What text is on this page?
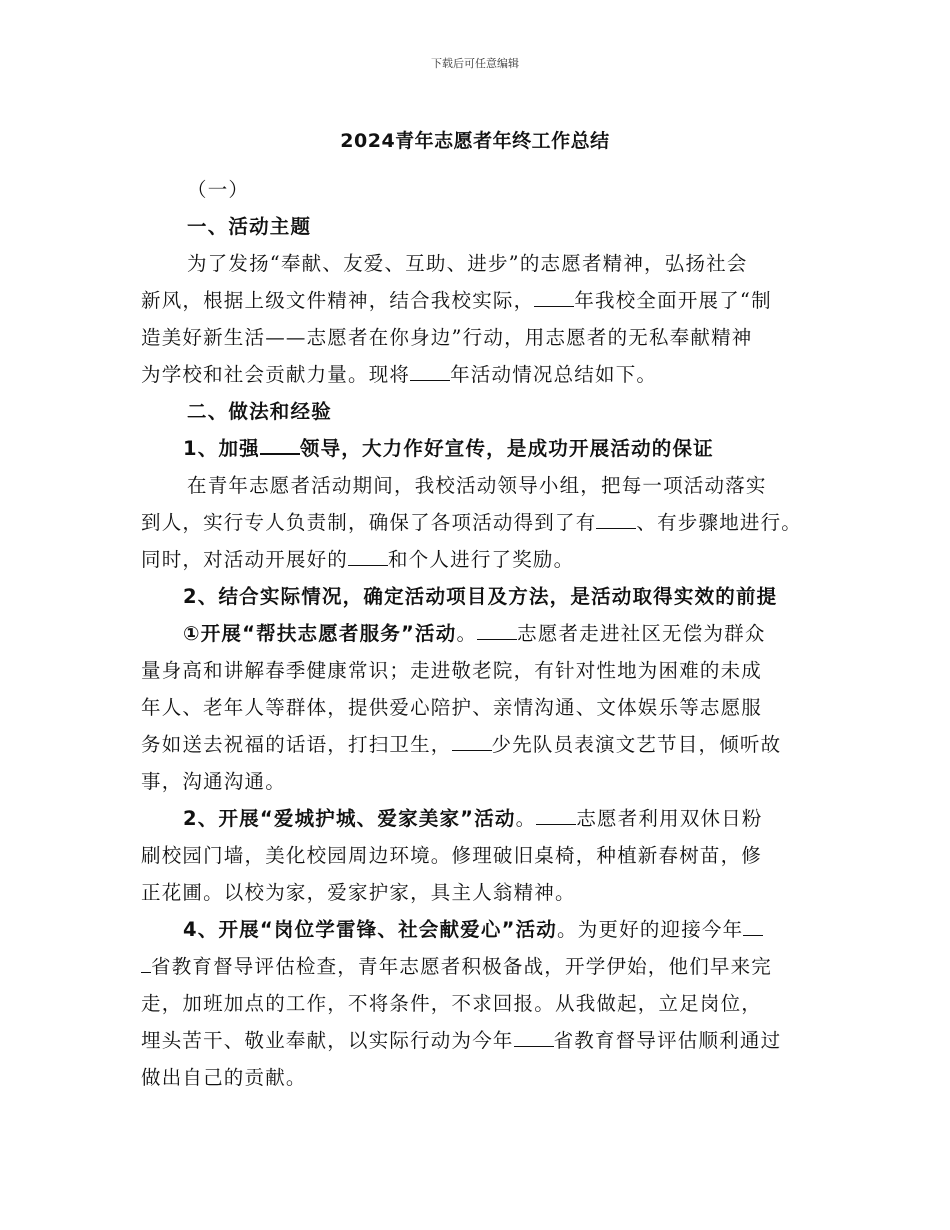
下载后可任意编辑
2024青年志愿者年终工作总结
（一）
一、活动主题
为了发扬“奉献、友爱、互助、进步”的志愿者精神，弘扬社会
新风，根据上级文件精神，结合我校实际， 年我校全面开展了“制
造美好新生活——志愿者在你身边”行动，用志愿者的无私奉献精神
为学校和社会贡献力量。现将 年活动情况总结如下。
二、做法和经验
1、加强 领导，大力作好宣传，是成功开展活动的保证
在青年志愿者活动期间，我校活动领导小组，把每一项活动落实
到人，实行专人负责制，确保了各项活动得到了有 、有步骤地进行。
同时，对活动开展好的 和个人进行了奖励。
2、结合实际情况，确定活动项目及方法，是活动取得实效的前提
①开展“帮扶志愿者服务”活动。 志愿者走进社区无偿为群众
量身高和讲解春季健康常识；走进敬老院，有针对性地为困难的未成
年人、老年人等群体，提供爱心陪护、亲情沟通、文体娱乐等志愿服
务如送去祝福的话语，打扫卫生， 少先队员表演文艺节目，倾听故
事，沟通沟通。
2、开展“爱城护城、爱家美家”活动。 志愿者利用双休日粉
刷校园门墙，美化校园周边环境。修理破旧桌椅，种植新春树苗，修
正花圃。以校为家，爱家护家，具主人翁精神。
4、开展“岗位学雷锋、社会献爱心”活动。为更好的迎接今年
省教育督导评估检查，青年志愿者积极备战，开学伊始，他们早来完
走，加班加点的工作，不将条件，不求回报。从我做起，立足岗位，
埋头苦干、敬业奉献，以实际行动为今年 省教育督导评估顺利通过
做出自己的贡献。
